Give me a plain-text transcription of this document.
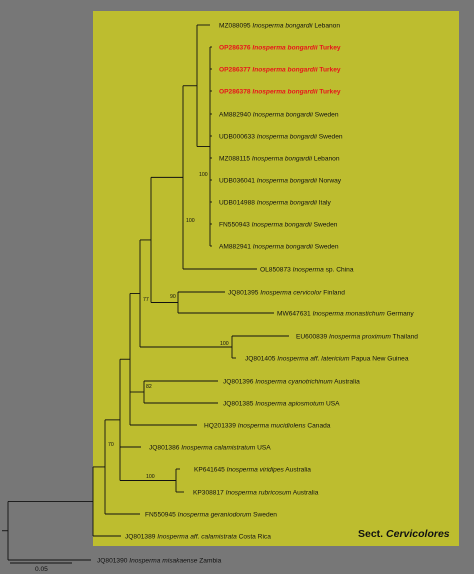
100
100
77	90
100
82
70
100
MZ088095 Inosperma bongardii Lebanon
OP286376 Inosperma bongardii Turkey
OP286377 Inosperma bongardii Turkey
OP286378 Inosperma bongardii Turkey
AM882940 Inosperma bongardii Sweden
UDB000633 Inosperma bongardii Sweden
MZ088115 Inosperma bongardii Lebanon
UDB036041 Inosperma bongardii Norway
UDB014988 Inosperma bongardii Italy
FN550943 Inosperma bongardii Sweden
AM882941 Inosperma bongardii Sweden
OL850873 Inosperma sp. China
JQ801395 Inosperma cervicolor Finland
MW647631 Inosperma monastichum Germany
EU600839 Inosperma proximum Thailand
JQ801405 Inosperma aff. latericium Papua New Guinea
JQ801396 Inosperma cyanotrichinum Australia
JQ801385 Inosperma apiosmotum USA
HQ201339 Inosperma mucidiolens Canada
JQ801386 Inosperma calamistratum USA
KP641645 Inosperma viridipes Australia
KP308817 Inosperma rubricosum Australia
FN550945 Inosperma geraniodorum Sweden
JQ801389 Inosperma aff. calamistrata Costa Rica
JQ801390 Inosperma misakaense Zambia
Sect. Cervicolores
0.05
